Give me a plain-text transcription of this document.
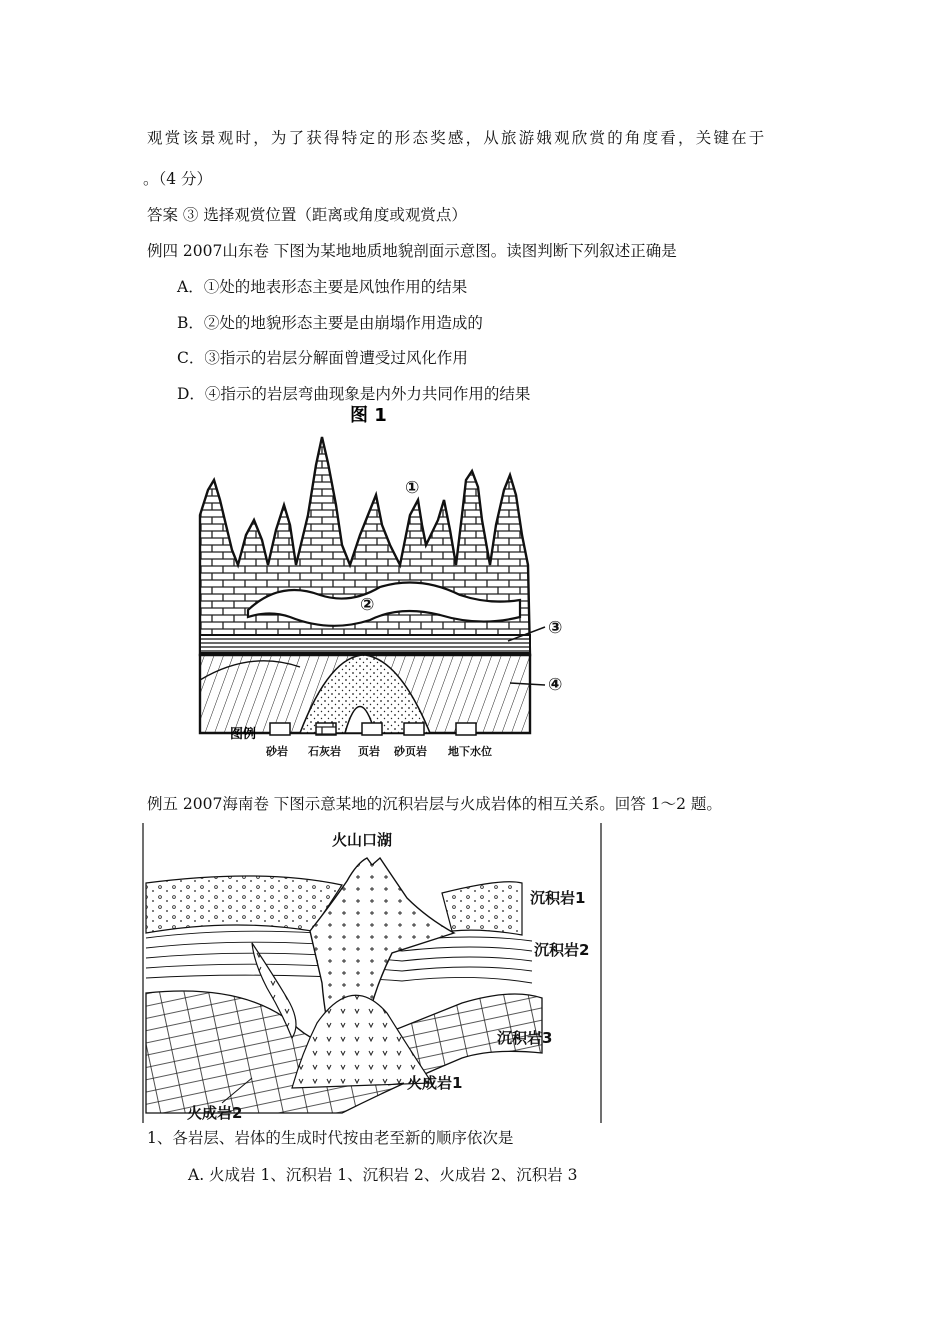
观赏该景观时，为了获得特定的形态奖感，从旅游娥观欣赏的角度看，关键在于
。（4 分）
答案 ③ 选择观赏位置（距离或角度或观赏点）
例四 2007山东卷 下图为某地地质地貌剖面示意图。读图判断下列叙述正确是
A．①处的地表形态主要是风蚀作用的结果
B．②处的地貌形态主要是由崩塌作用造成的
C．③指示的岩层分解面曾遭受过风化作用
D．④指示的岩层弯曲现象是内外力共同作用的结果
图 1
①
②
③
④
图例
砂岩 石灰岩 页岩 砂页岩 地下水位
例五 2007海南卷 下图示意某地的沉积岩层与火成岩体的相互关系。回答 1～2 题。
火山口湖
沉积岩1
沉积岩2
沉积岩3
火成岩1
火成岩2
1、各岩层、岩体的生成时代按由老至新的顺序依次是
A. 火成岩 1、沉积岩 1、沉积岩 2、火成岩 2、沉积岩 3
